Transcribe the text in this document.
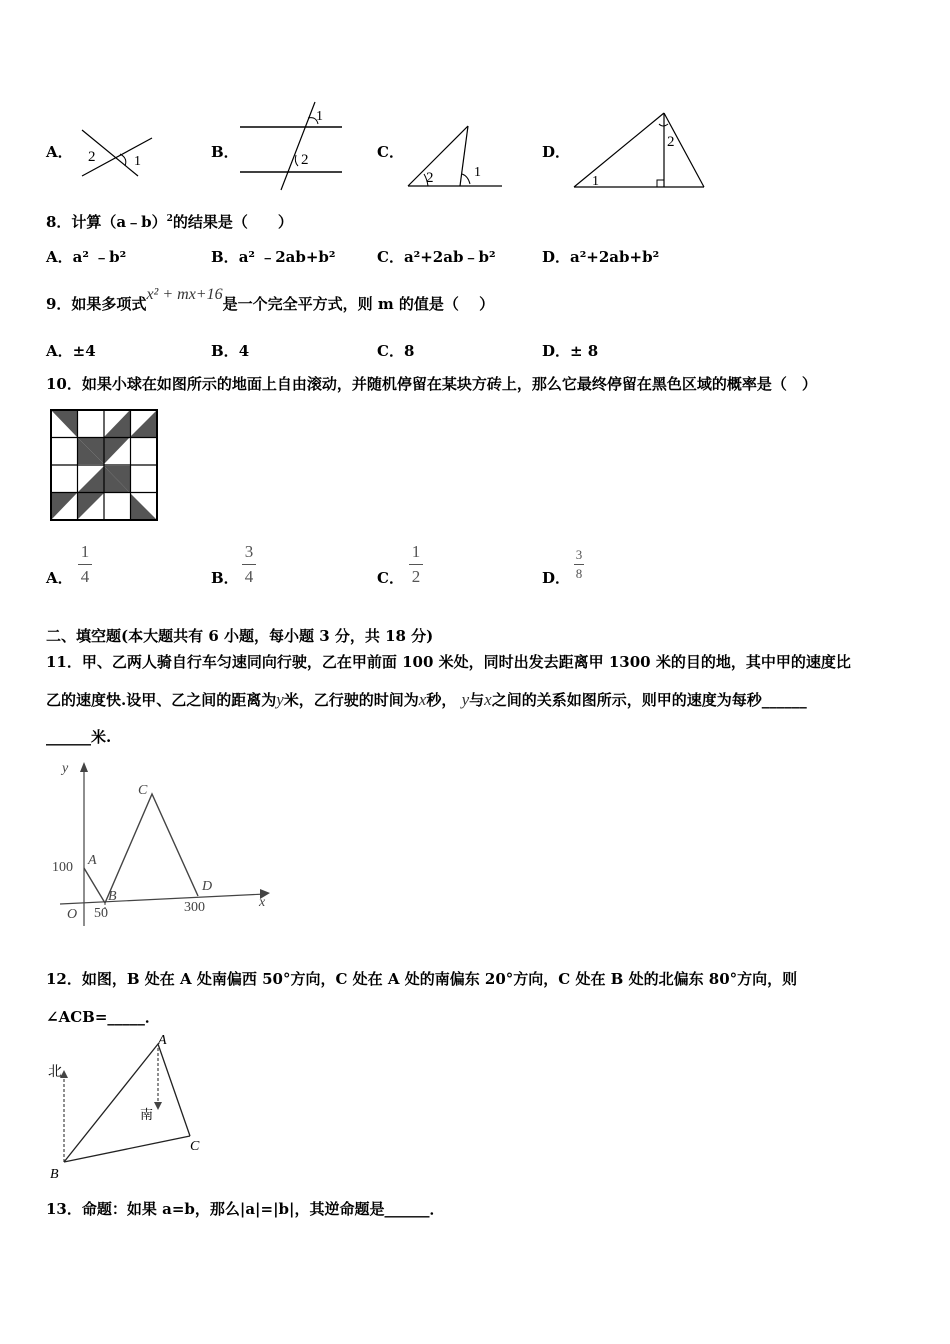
A． 2	1
B．
1
2	C．
2	1
D．
2
1
8．计算（a﹣b）$^2$的结果是（　　）
A．a² ﹣b²	B．a² ﹣2ab+b²	C．a²+2ab﹣b²	D．a²+2ab+b²
9．如果多项式x² + mx+16是一个完全平方式，则 m 的值是（　 ）
A．±4	B．4	C．8	D．± 8
10．如果小球在如图所示的地面上自由滚动，并随机停留在某块方砖上，那么它最终停留在黑色区域的概率是（　）
A．
1
4	B．
3
4	C．
1
2	D．
3
8
二、填空题(本大题共有 6 小题，每小题 3 分，共 18 分)
11．甲、乙两人骑自行车匀速同向行驶，乙在甲前面 100 米处，同时出发去距离甲 1300 米的目的地，其中甲的速度比
乙的速度快.设甲、乙之间的距离为y米，乙行驶的时间为x秒， y与x之间的关系如图所示，则甲的速度为每秒______
______米.
y
x
O
100 A
B
50
C
D
300
12．如图，B 处在 A 处南偏西 50°方向，C 处在 A 处的南偏东 20°方向，C 处在 B 处的北偏东 80°方向，则
∠ACB=_____．
北
南
A
B
C
13．命题：如果 a=b，那么|a|=|b|，其逆命题是______．
